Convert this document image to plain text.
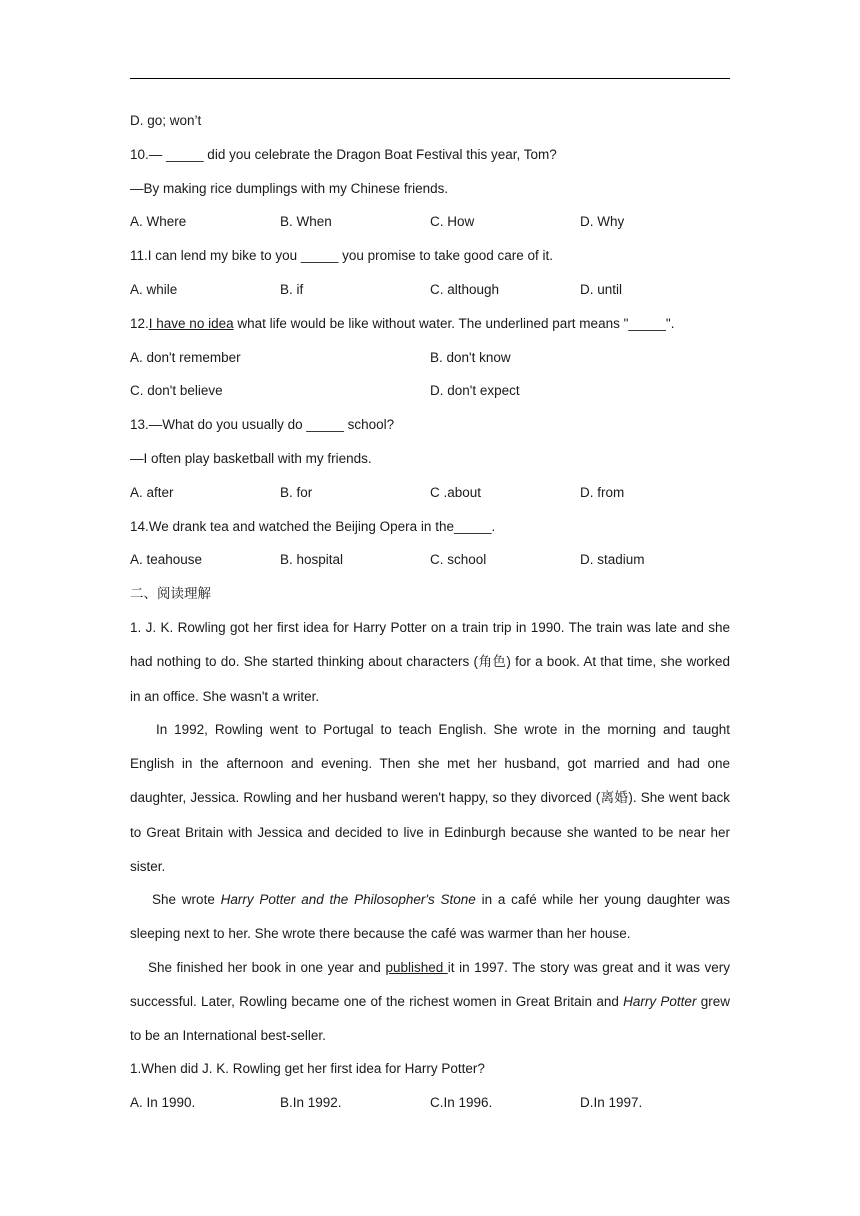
D. go; won’t
10.— _____ did you celebrate the Dragon Boat Festival this year, Tom?
—By making rice dumplings with my Chinese friends.
A. Where	B. When	C. How	D. Why
11.I can lend my bike to you _____ you promise to take good care of it.
A. while	B. if	C. although	D. until
12.I have no idea what life would be like without water. The underlined part means "_____".
A. don't remember	B. don't know
C. don't believe	D. don't expect
13.—What do you usually do _____ school?
—I often play basketball with my friends.
A. after	B. for	C .about	D. from
14.We drank tea and watched the Beijing Opera in the_____.
A. teahouse	B. hospital	C. school	D. stadium
二、阅读理解

1. J. K. Rowling got her first idea for Harry Potter on a train trip in 1990. The train was late and she had nothing to do. She started thinking about characters (角色) for a book. At that time, she worked in an office. She wasn't a writer.

In 1992, Rowling went to Portugal to teach English. She wrote in the morning and taught English in the afternoon and evening. Then she met her husband, got married and had one daughter, Jessica. Rowling and her husband weren't happy, so they divorced (离婚). She went back to Great Britain with Jessica and decided to live in Edinburgh because she wanted to be near her sister.

She wrote Harry Potter and the Philosopher's Stone in a café while her young daughter was sleeping next to her. She wrote there because the café was warmer than her house.

She finished her book in one year and published it in 1997. The story was great and it was very successful. Later, Rowling became one of the richest women in Great Britain and Harry Potter grew to be an International best-seller.

1.When did J. K. Rowling get her first idea for Harry Potter?
A. In 1990.	B.In 1992.	C.In 1996.	D.In 1997.
